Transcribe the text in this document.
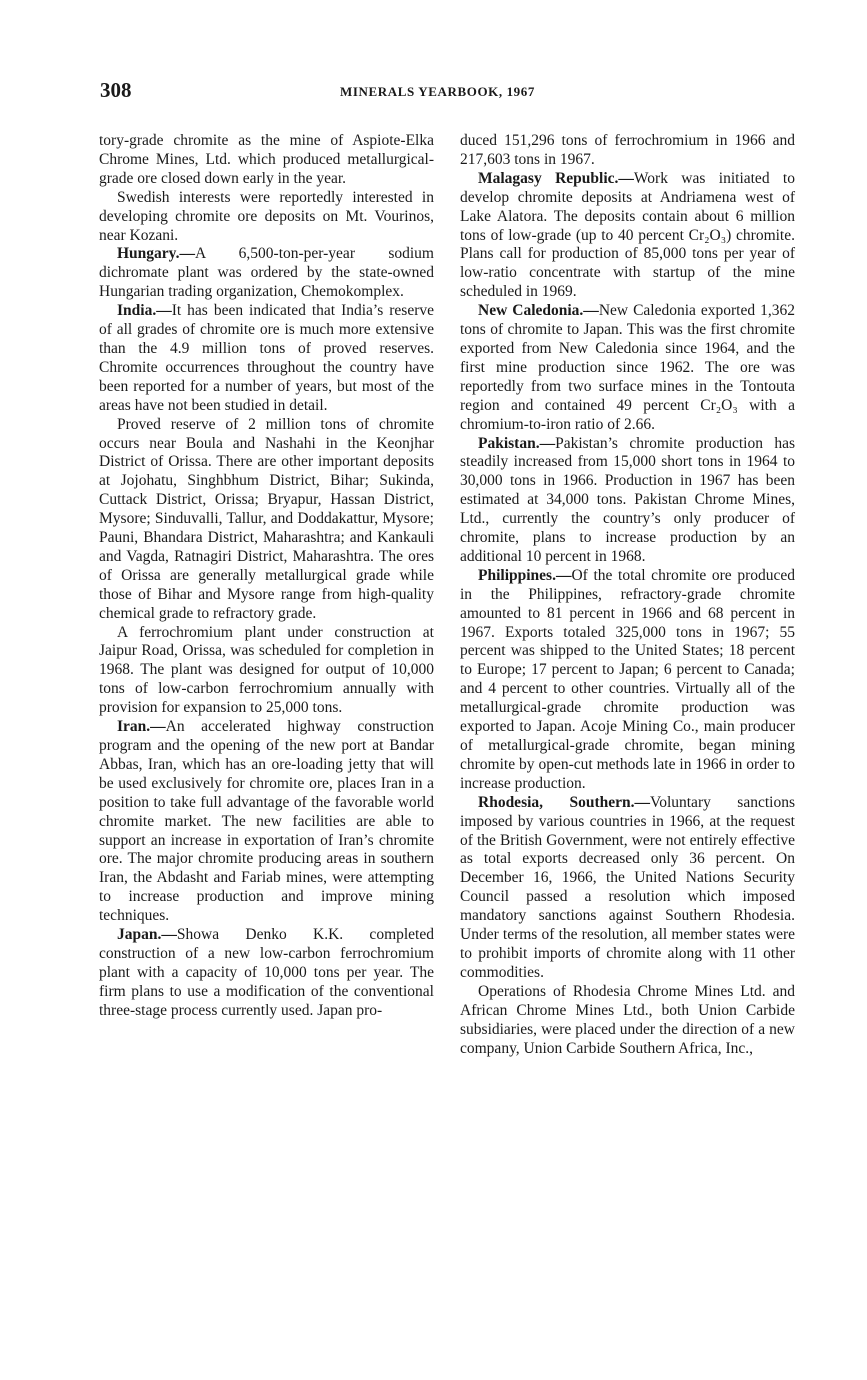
308	MINERALS YEARBOOK, 1967

tory-grade chromite as the mine of Aspiote-Elka Chrome Mines, Ltd. which produced metallurgical-grade ore closed down early in the year.

Swedish interests were reportedly interested in developing chromite ore deposits on Mt. Vourinos, near Kozani.

Hungary.—A 6,500-ton-per-year sodium dichromate plant was ordered by the state-owned Hungarian trading organization, Chemokomplex.

India.—It has been indicated that India’s reserve of all grades of chromite ore is much more extensive than the 4.9 million tons of proved reserves. Chromite occurrences throughout the country have been reported for a number of years, but most of the areas have not been studied in detail.

Proved reserve of 2 million tons of chromite occurs near Boula and Nashahi in the Keonjhar District of Orissa. There are other important deposits at Jojohatu, Singhbhum District, Bihar; Sukinda, Cuttack District, Orissa; Bryapur, Hassan District, Mysore; Sinduvalli, Tallur, and Doddakattur, Mysore; Pauni, Bhandara District, Maharashtra; and Kankauli and Vagda, Ratnagiri District, Maharashtra. The ores of Orissa are generally metallurgical grade while those of Bihar and Mysore range from high-quality chemical grade to refractory grade.

A ferrochromium plant under construction at Jaipur Road, Orissa, was scheduled for completion in 1968. The plant was designed for output of 10,000 tons of low-carbon ferrochromium annually with provision for expansion to 25,000 tons.

Iran.—An accelerated highway construction program and the opening of the new port at Bandar Abbas, Iran, which has an ore-loading jetty that will be used exclusively for chromite ore, places Iran in a position to take full advantage of the favorable world chromite market. The new facilities are able to support an increase in exportation of Iran’s chromite ore. The major chromite producing areas in southern Iran, the Abdasht and Fariab mines, were attempting to increase production and improve mining techniques.

Japan.—Showa Denko K.K. completed construction of a new low-carbon ferrochromium plant with a capacity of 10,000 tons per year. The firm plans to use a modification of the conventional three-stage process currently used. Japan pro-

duced 151,296 tons of ferrochromium in 1966 and 217,603 tons in 1967.

Malagasy Republic.—Work was initiated to develop chromite deposits at Andriamena west of Lake Alatora. The deposits contain about 6 million tons of low-grade (up to 40 percent Cr₂O₃) chromite. Plans call for production of 85,000 tons per year of low-ratio concentrate with startup of the mine scheduled in 1969.

New Caledonia.—New Caledonia exported 1,362 tons of chromite to Japan. This was the first chromite exported from New Caledonia since 1964, and the first mine production since 1962. The ore was reportedly from two surface mines in the Tontouta region and contained 49 percent Cr₂O₃ with a chromium-to-iron ratio of 2.66.

Pakistan.—Pakistan’s chromite production has steadily increased from 15,000 short tons in 1964 to 30,000 tons in 1966. Production in 1967 has been estimated at 34,000 tons. Pakistan Chrome Mines, Ltd., currently the country’s only producer of chromite, plans to increase production by an additional 10 percent in 1968.

Philippines.—Of the total chromite ore produced in the Philippines, refractory-grade chromite amounted to 81 percent in 1966 and 68 percent in 1967. Exports totaled 325,000 tons in 1967; 55 percent was shipped to the United States; 18 percent to Europe; 17 percent to Japan; 6 percent to Canada; and 4 percent to other countries. Virtually all of the metallurgical-grade chromite production was exported to Japan. Acoje Mining Co., main producer of metallurgical-grade chromite, began mining chromite by open-cut methods late in 1966 in order to increase production.

Rhodesia, Southern.—Voluntary sanctions imposed by various countries in 1966, at the request of the British Government, were not entirely effective as total exports decreased only 36 percent. On December 16, 1966, the United Nations Security Council passed a resolution which imposed mandatory sanctions against Southern Rhodesia. Under terms of the resolution, all member states were to prohibit imports of chromite along with 11 other commodities.

Operations of Rhodesia Chrome Mines Ltd. and African Chrome Mines Ltd., both Union Carbide subsidiaries, were placed under the direction of a new company, Union Carbide Southern Africa, Inc.,
